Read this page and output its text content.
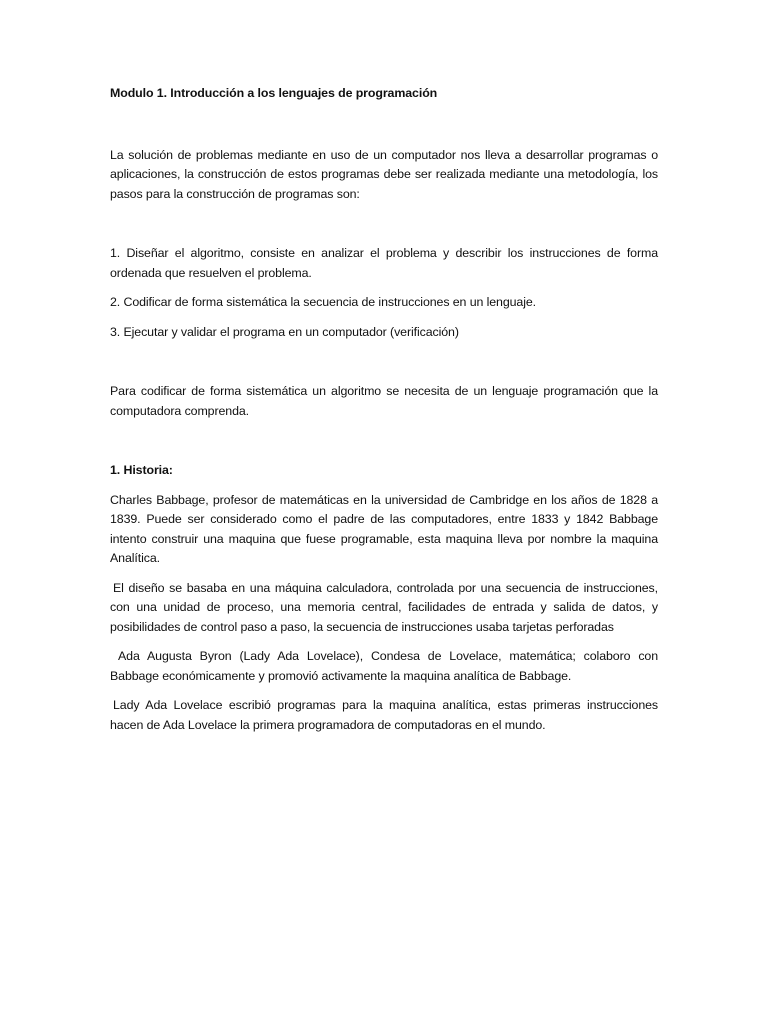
Modulo 1. Introducción a los lenguajes de programación

La solución de problemas mediante en uso de un computador nos lleva a desarrollar programas o aplicaciones, la construcción de estos programas debe ser realizada mediante una metodología, los pasos para la construcción de programas son:

1. Diseñar el algoritmo, consiste en analizar el problema y describir los instrucciones de forma ordenada que resuelven el problema.

2. Codificar de forma sistemática la secuencia de instrucciones en un lenguaje.

3. Ejecutar y validar el programa en un computador (verificación)

Para codificar de forma sistemática un algoritmo se necesita de un lenguaje programación que la computadora comprenda.

1. Historia:

Charles Babbage, profesor de matemáticas en la universidad de Cambridge en los años de 1828 a 1839. Puede ser considerado como el padre de las computadores, entre 1833 y 1842 Babbage intento construir una maquina que fuese programable, esta maquina lleva por nombre la maquina Analítica.

El diseño se basaba en una máquina calculadora, controlada por una secuencia de instrucciones, con una unidad de proceso, una memoria central, facilidades de entrada y salida de datos, y posibilidades de control paso a paso, la secuencia de instrucciones usaba tarjetas perforadas

Ada Augusta Byron (Lady Ada Lovelace), Condesa de Lovelace, matemática; colaboro con Babbage económicamente y promovió activamente la maquina analítica de Babbage.

Lady Ada Lovelace escribió programas para la maquina analítica, estas primeras instrucciones hacen de Ada Lovelace la primera programadora de computadoras en el mundo.
